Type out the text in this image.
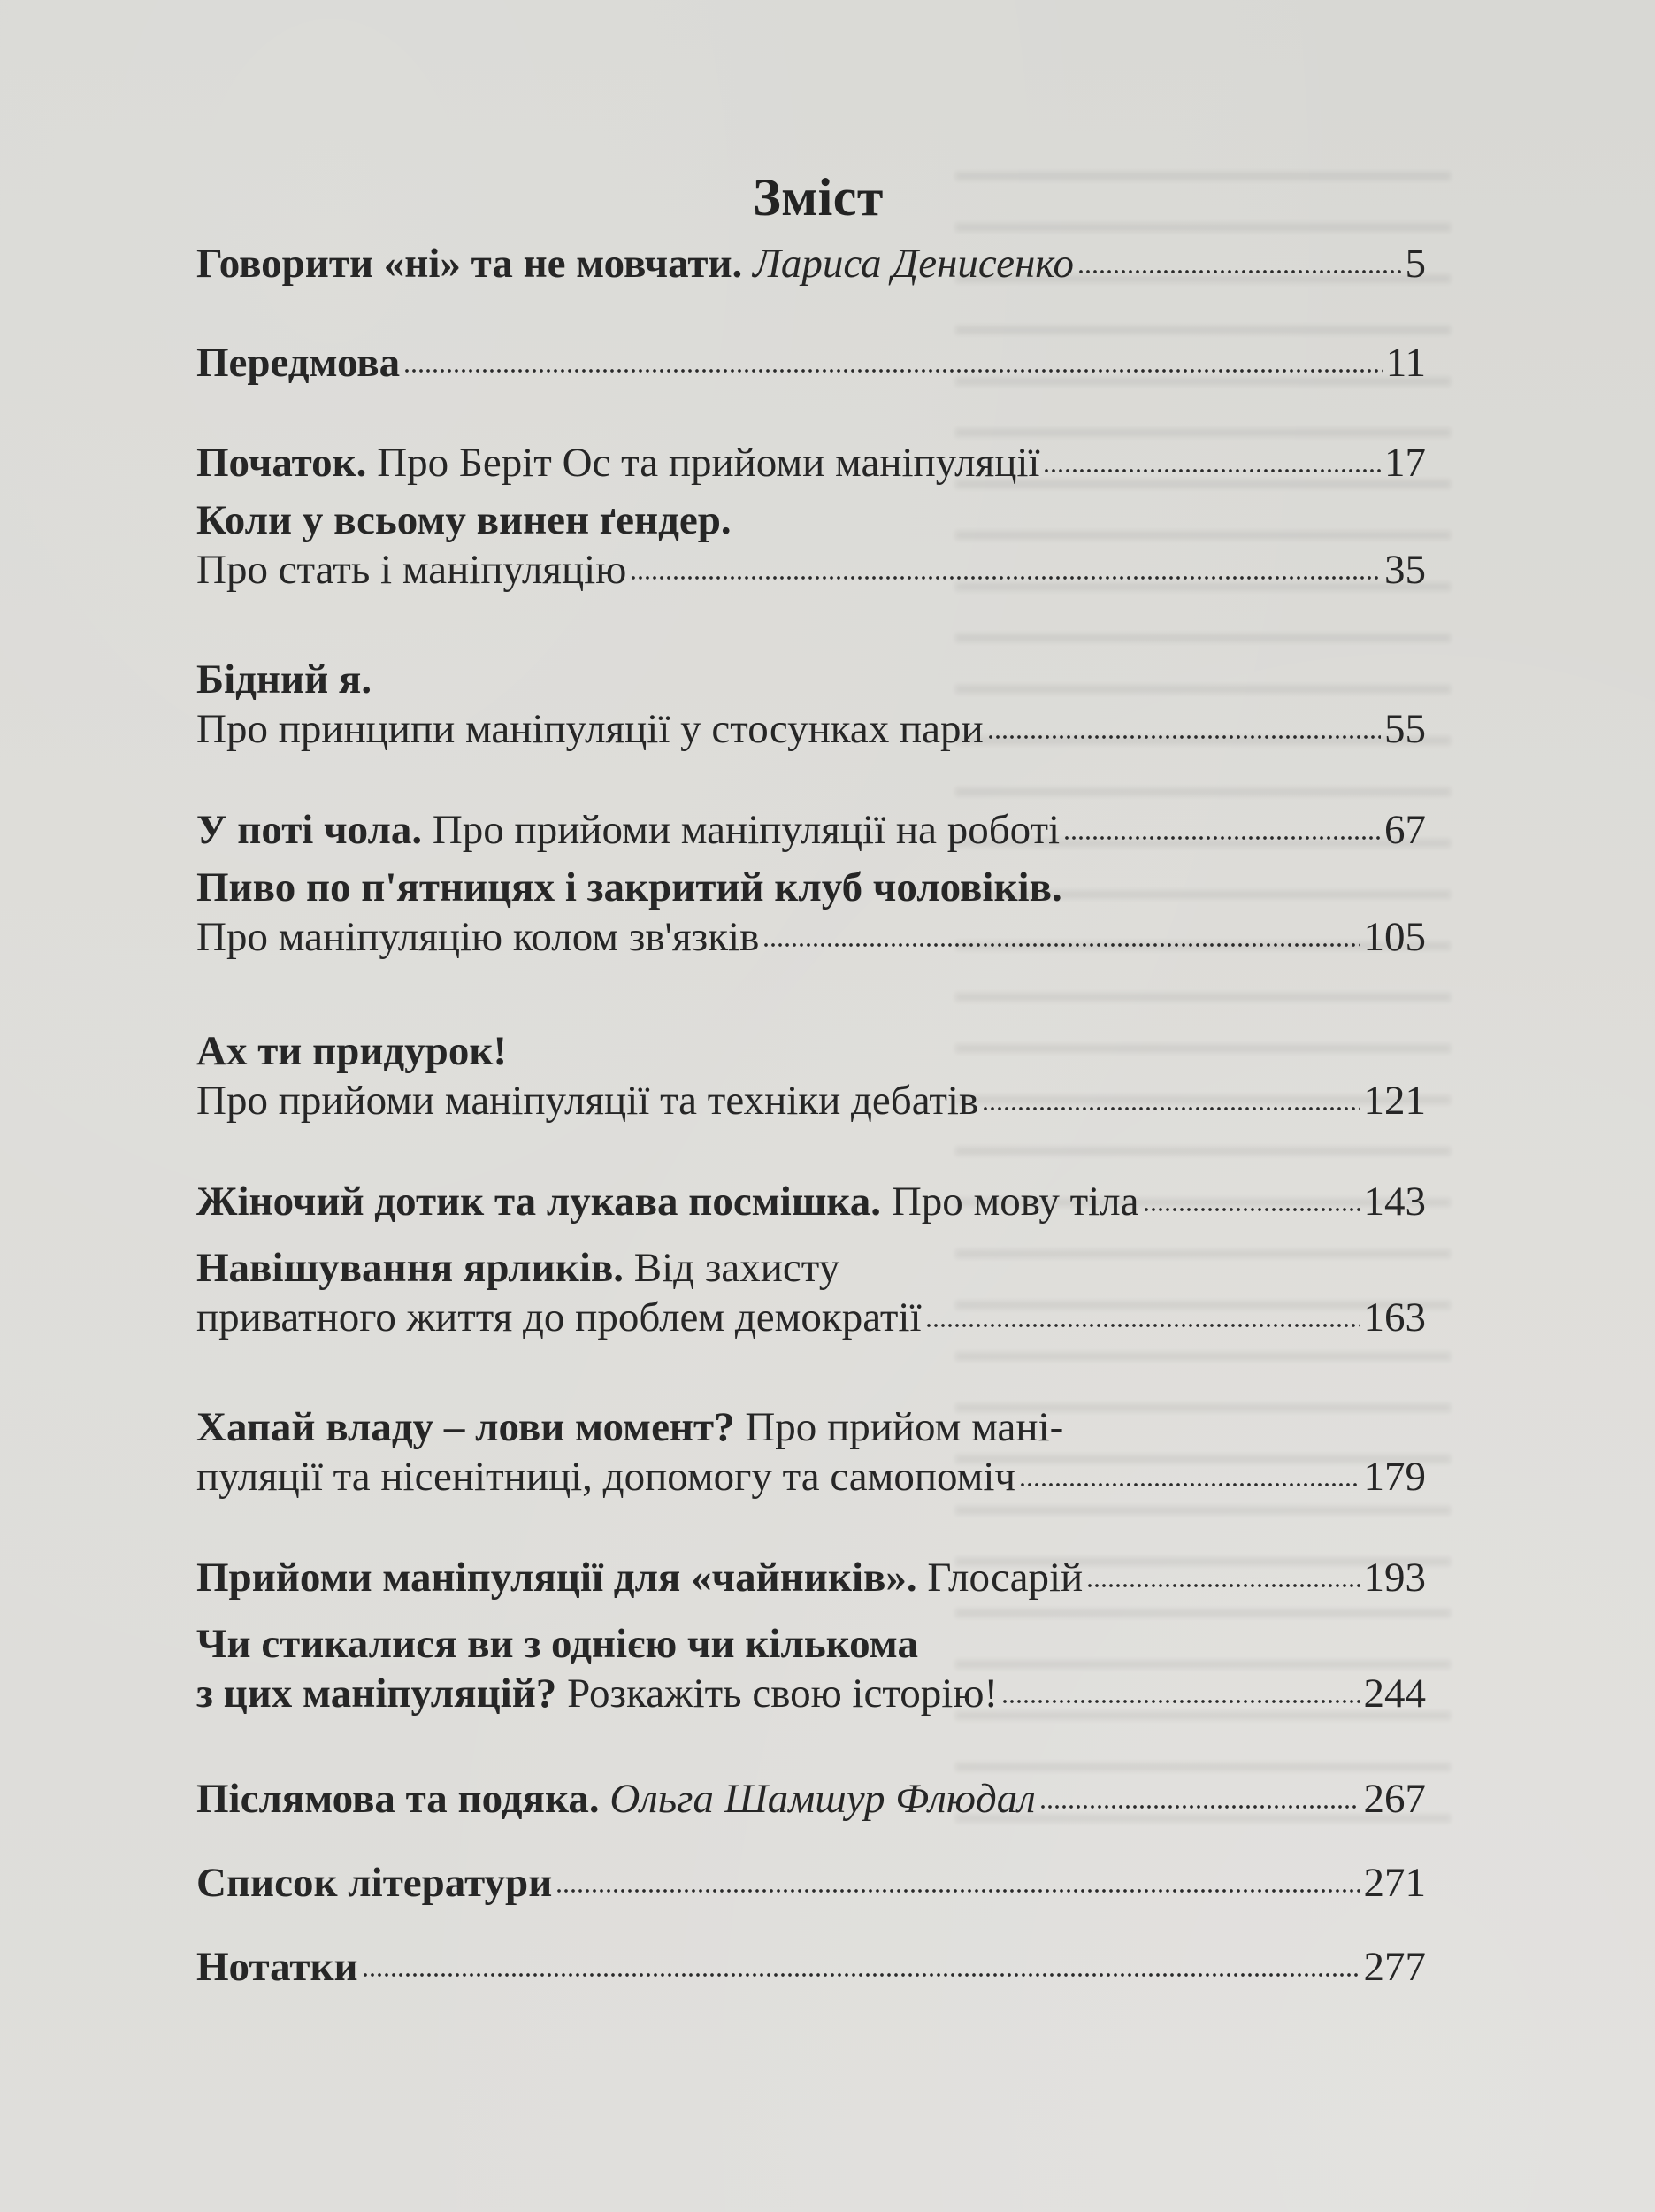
Зміст
Говорити «ні» та не мовчати.
Лариса Денисенко	5
Передмова	11
Початок.
Про Берiт Ос та прийоми маніпуляції	17
Коли у всьому винен ґендер.
Про стать і маніпуляцію	35
Бідний я.
Про принципи маніпуляції у стосунках пари	55
У поті чола.
Про прийоми маніпуляції на роботі	67
Пиво по п'ятницях і закритий клуб чоловіків.
Про маніпуляцію колом зв'язків	105
Ах ти придурок!
Про прийоми маніпуляції та техніки дебатів	121
Жіночий дотик та лукава посмішка.
Про мову тіла	143
Навішування ярликів.
Від захисту
приватного життя до проблем демократії	163
Хапай владу – лови момент?
Про прийом мані-
пуляції та нісенітниці, допомогу та самопоміч	179
Прийоми маніпуляції для «чайників».
Глосарій	193
Чи стикалися ви з однією чи кількома
з цих маніпуляцій?
Розкажіть свою історію!	244
Післямова та подяка.
Ольга Шамшур Флюдал	267
Список літератури	271
Нотатки	277
